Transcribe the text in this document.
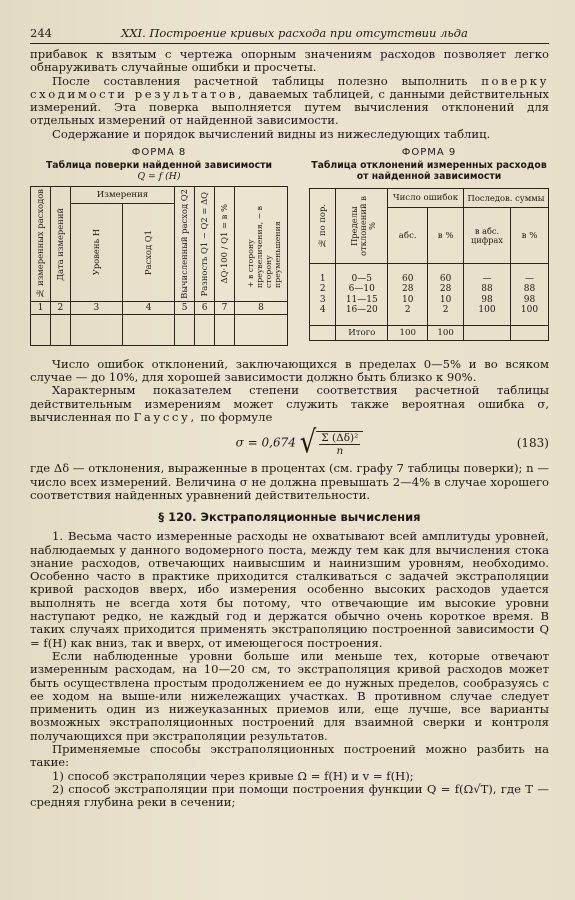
244	XXI. Построение кривых расхода при отсутствии льда

прибавок к взятым с чертежа опорным значениям расходов позволяет легко обнаруживать случайные ошибки и просчеты.

После составления расчетной таблицы полезно выполнить поверку сходимости результатов, даваемых таблицей, с данными действительных измерений. Эта поверка выполняется путем вычисления отклонений для отдельных измерений от найденной зависимости.

Содержание и порядок вычислений видны из нижеследующих таблиц.

ФОРМА 8
Таблица поверки найденной зависимости
Q = f (H)
№ измеренных расходов	Дата измерений	Измерения		Вычисленный расход Q2	Разность Q1 − Q2 = ΔQ	ΔQ·100 / Q1 = в %	+ в сторону преувеличения, − в сторону преуменьшения

		Уровень H	Расход Q1				

1	2	3	4	5	6	7	8

ФОРМА 9
Таблица отклонений измеренных расходов от найденной зависимости
№ по пор.	Пределы отклонений в %	Число ошибок		Последов. суммы	
		абс.	в %	в абс. цифрах	в %

1	0—5	60	60	—	—
2	6—10	28	28	88	88
3	11—15	10	10	98	98
4	16—20	2	2	100	100

	Итого	100	100		

Число ошибок отклонений, заключающихся в пределах 0—5% и во всяком случае — до 10%, для хорошей зависимости должно быть близко к 90%.

Характерным показателем степени соответствия расчетной таблицы действительным измерениям может служить также вероятная ошибка σ, вычисленная по Гауссу, по формуле

σ = 0,674 √ $\frac{\text{Σ (Δδ)²}}{n}$	(183)

где Δδ — отклонения, выраженные в процентах (см. графу 7 таблицы поверки); n — число всех измерений. Величина σ не должна превышать 2—4% в случае хорошего соответствия найденных уравнений действительности.

§ 120. Экстраполяционные вычисления

1. Весьма часто измеренные расходы не охватывают всей амплитуды уровней, наблюдаемых у данного водомерного поста, между тем как для вычисления стока знание расходов, отвечающих наивысшим и наинизшим уровням, необходимо. Особенно часто в практике приходится сталкиваться с задачей экстраполяции кривой расходов вверх, ибо измерения особенно высоких расходов удается выполнять не всегда хотя бы потому, что отвечающие им высокие уровни наступают редко, не каждый год и держатся обычно очень короткое время. В таких случаях приходится применять экстраполяцию построенной зависимости Q = f(H) как вниз, так и вверх, от имеющегося построения.

Если наблюденные уровни больше или меньше тех, которые отвечают измеренным расходам, на 10—20 см, то экстраполяция кривой расходов может быть осуществлена простым продолжением ее до нужных пределов, сообразуясь с ее ходом на выше-или нижележащих участках. В противном случае следует применить один из нижеуказанных приемов или, еще лучше, все варианты возможных экстраполяционных построений для взаимной сверки и контроля получающихся при экстраполяции результатов.

Применяемые способы экстраполяционных построений можно разбить на такие:

1) способ экстраполяции через кривые Ω = f(H) и v = f(H);

2) способ экстраполяции при помощи построения функции Q = f(Ω√T), где T — средняя глубина реки в сечении;
